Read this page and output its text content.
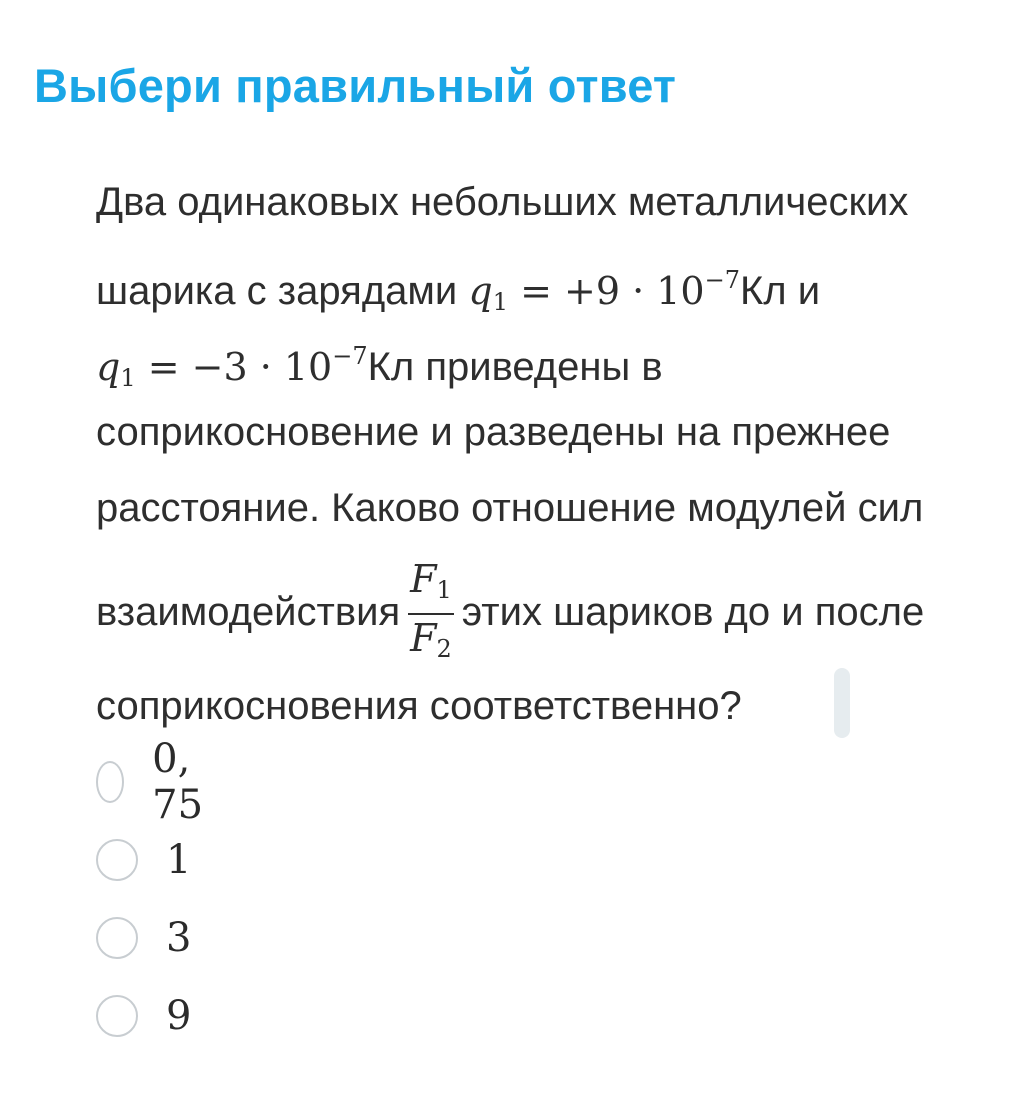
Выбери правильный ответ
Два одинаковых небольших металлических
шарика с зарядами $q_1 = +9 \cdot 10^{-7}Кл$ и
$q_1 = -3 \cdot 10^{-7}Кл$ приведены в
соприкосновение и разведены на прежнее
расстояние. Каково отношение модулей сил
взаимодействия $\frac{F_1}{F_2}$ этих шариков до и после
соприкосновения соответственно?
0, 75
1
3
9
